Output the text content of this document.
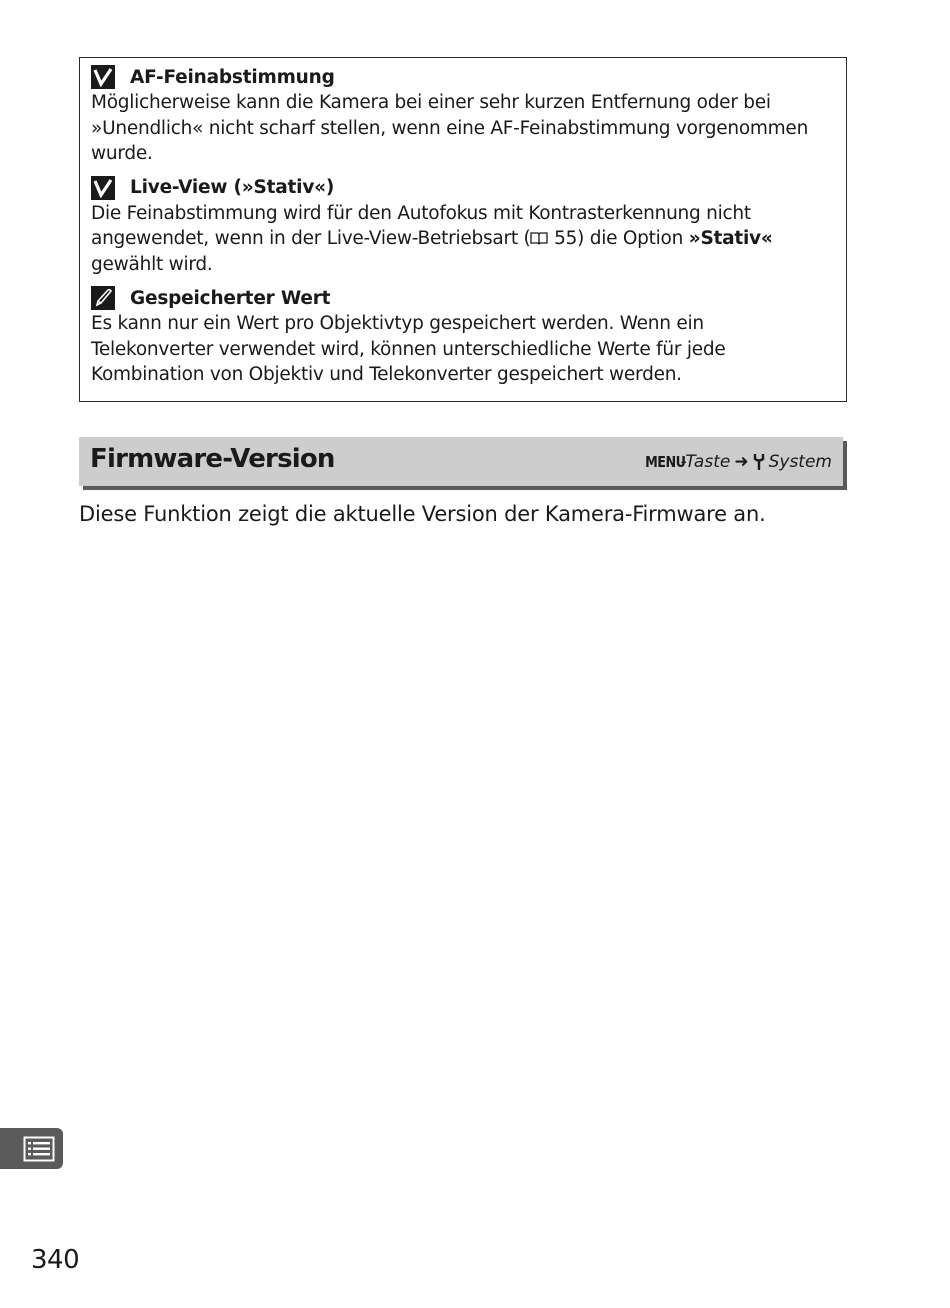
AF-Feinabstimmung
Möglicherweise kann die Kamera bei einer sehr kurzen Entfernung oder bei
»Unendlich« nicht scharf stellen, wenn eine AF-Feinabstimmung vorgenommen
wurde.
Live-View (»Stativ«)
Die Feinabstimmung wird für den Autofokus mit Kontrasterkennung nicht
angewendet, wenn in der Live-View-Betriebsart ( 55) die Option »Stativ«
gewählt wird.
Gespeicherter Wert
Es kann nur ein Wert pro Objektivtyp gespeichert werden. Wenn ein
Telekonverter verwendet wird, können unterschiedliche Werte für jede
Kombination von Objektiv und Telekonverter gespeichert werden.
Firmware-Version	MENU
-Taste ➜ System
Diese Funktion zeigt die aktuelle Version der Kamera-Firmware an.
340
